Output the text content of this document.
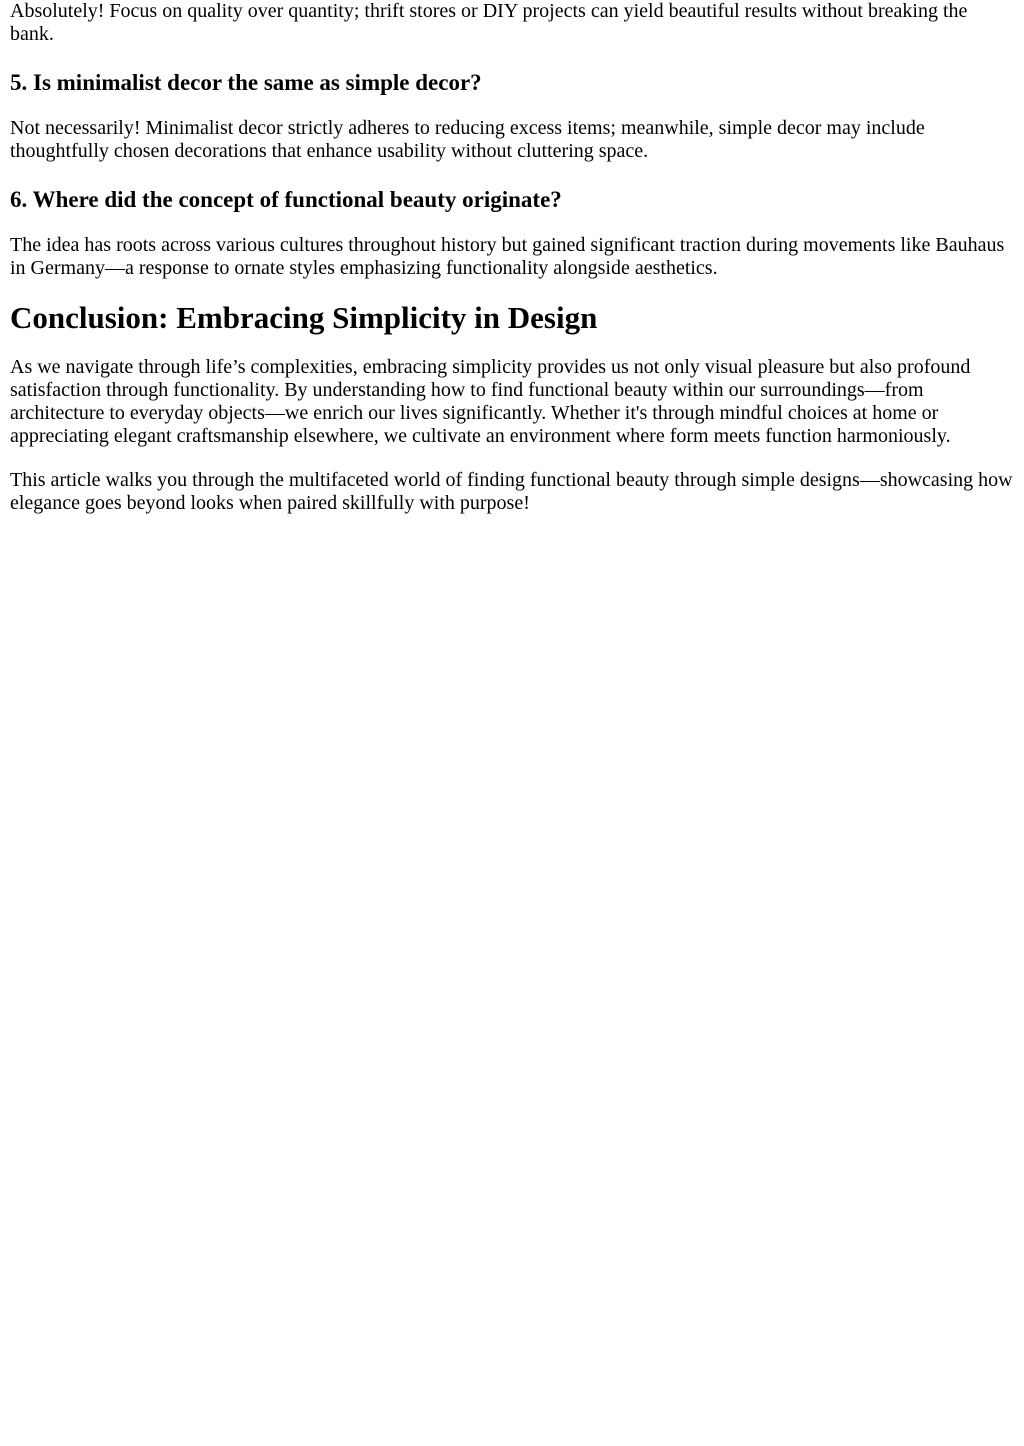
Absolutely! Focus on quality over quantity; thrift stores or DIY projects can yield beautiful results without breaking the bank.

5. Is minimalist decor the same as simple decor?

Not necessarily! Minimalist decor strictly adheres to reducing excess items; meanwhile, simple decor may include thoughtfully chosen decorations that enhance usability without cluttering space.

6. Where did the concept of functional beauty originate?

The idea has roots across various cultures throughout history but gained significant traction during movements like Bauhaus in Germany—a response to ornate styles emphasizing functionality alongside aesthetics.

Conclusion: Embracing Simplicity in Design

As we navigate through life’s complexities, embracing simplicity provides us not only visual pleasure but also profound satisfaction through functionality. By understanding how to find functional beauty within our surroundings—from architecture to everyday objects—we enrich our lives significantly. Whether it's through mindful choices at home or appreciating elegant craftsmanship elsewhere, we cultivate an environment where form meets function harmoniously.

This article walks you through the multifaceted world of finding functional beauty through simple designs—showcasing how elegance goes beyond looks when paired skillfully with purpose!
